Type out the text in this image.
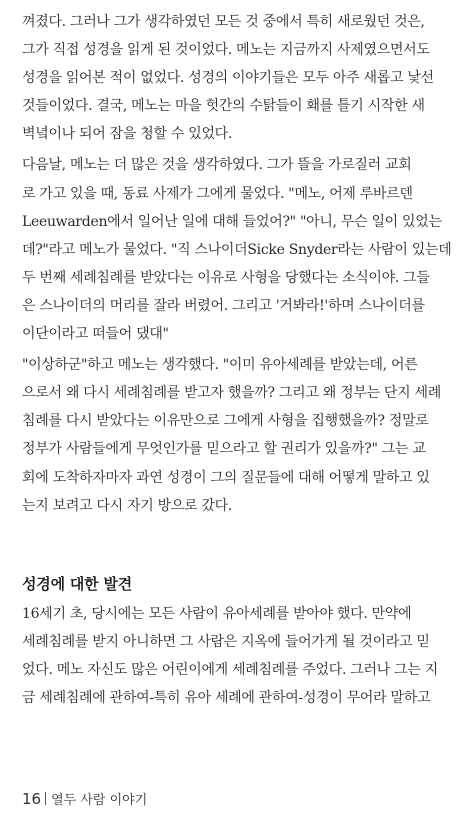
껴졌다. 그러나 그가 생각하였던 모든 것 중에서 특히 새로웠던 것은,
그가 직접 성경을 읽게 된 것이었다. 메노는 지금까지 사제였으면서도
성경을 읽어본 적이 없었다. 성경의 이야기들은 모두 아주 새롭고 낯선
것들이었다. 결국, 메노는 마을 헛간의 수탉들이 홰를 틀기 시작한 새
벽녘이나 되어 잠을 청할 수 있었다.
다음날, 메노는 더 많은 것을 생각하였다. 그가 뜰을 가로질러 교회
로 가고 있을 때, 동료 사제가 그에게 물었다. "메노, 어제 루바르덴
Leeuwarden에서 일어난 일에 대해 들었어?" "아니, 무슨 일이 있었는
데?"라고 메노가 물었다. "직 스나이더Sicke Snyder라는 사람이 있는데
두 번째 세례침례를 받았다는 이유로 사형을 당했다는 소식이야. 그들
은 스나이더의 머리를 잘라 버렸어. 그리고 '거봐라!'하며 스나이더를
이단이라고 떠들어 댔대"
"이상하군"하고 메노는 생각했다. "이미 유아세례를 받았는데, 어른
으로서 왜 다시 세례침례를 받고자 했을까? 그리고 왜 정부는 단지 세례
침례를 다시 받았다는 이유만으로 그에게 사형을 집행했을까? 정말로
정부가 사람들에게 무엇인가를 믿으라고 할 권리가 있을까?" 그는 교
회에 도착하자마자 과연 성경이 그의 질문들에 대해 어떻게 말하고 있
는지 보려고 다시 자기 방으로 갔다.
성경에 대한 발견
16세기 초, 당시에는 모든 사람이 유아세례를 받아야 했다. 만약에
세례침례를 받지 아니하면 그 사람은 지옥에 들어가게 될 것이라고 믿
었다. 메노 자신도 많은 어린이에게 세례침례를 주었다. 그러나 그는 지
금 세례침례에 관하여-특히 유아 세례에 관하여-성경이 무어라 말하고
16 열두 사람 이야기
